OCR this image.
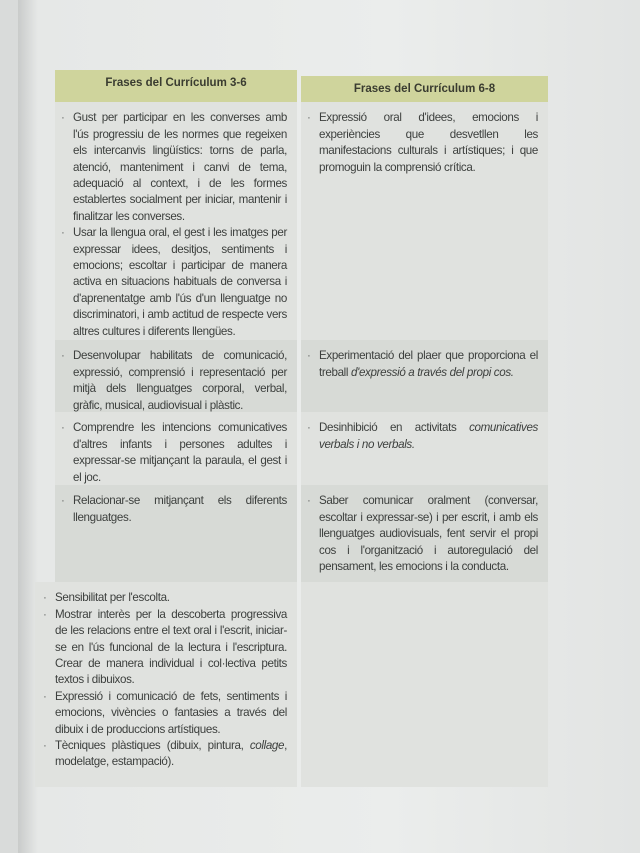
Frases del Currículum 3-6	Frases del Currículum 6-8
· Gust per participar en les converses amb l'ús progressiu de les normes que regeixen els intercanvis lingüístics: torns de parla, atenció, manteniment i canvi de tema, adequació al context, i de les formes establertes socialment per iniciar, mantenir i finalitzar les converses.
· Usar la llengua oral, el gest i les imatges per expressar idees, desitjos, sentiments i emocions; escoltar i participar de manera activa en situacions habituals de conversa i d'aprenentatge amb l'ús d'un llenguatge no discriminatori, i amb actitud de respecte vers altres cultures i diferents llengües.
· Expressió oral d'idees, emocions i experiències que desvetllen les manifestacions culturals i artístiques; i que promoguin la comprensió crítica.
· Desenvolupar habilitats de comunicació, expressió, comprensió i representació per mitjà dels llenguatges corporal, verbal, gràfic, musical, audiovisual i plàstic.
· Experimentació del plaer que proporciona el treball d'expressió a través del propi cos.
· Comprendre les intencions comunicatives d'altres infants i persones adultes i expressar-se mitjançant la paraula, el gest i el joc.
· Desinhibició en activitats comunicatives verbals i no verbals.
· Relacionar-se mitjançant els diferents llenguatges.
· Saber comunicar oralment (conversar, escoltar i expressar-se) i per escrit, i amb els llenguatges audiovisuals, fent servir el propi cos i l'organització i autoregulació del pensament, les emocions i la conducta.
· Sensibilitat per l'escolta.
· Mostrar interès per la descoberta progressiva de les relacions entre el text oral i l'escrit, iniciar-se en l'ús funcional de la lectura i l'escriptura. Crear de manera individual i col·lectiva petits textos i dibuixos.
· Expressió i comunicació de fets, sentiments i emocions, vivències o fantasies a través del dibuix i de produccions artístiques.
· Tècniques plàstiques (dibuix, pintura, collage, modelatge, estampació).
